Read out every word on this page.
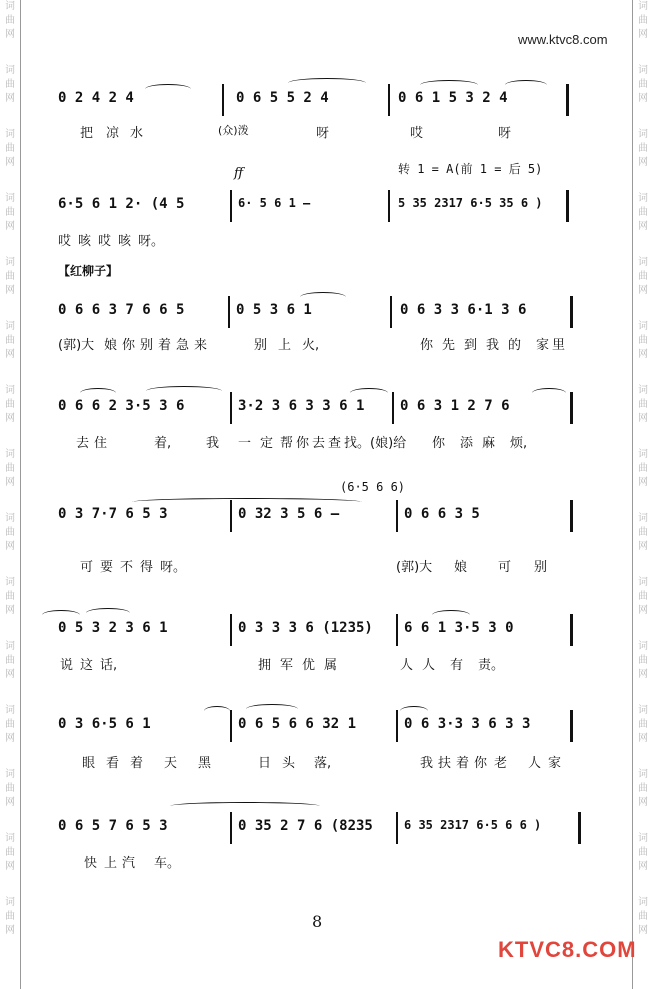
词
曲
网
词
曲
网
词
曲
网
词
曲
网
词
曲
网
词
曲
网
词
曲
网
词
曲
网
词
曲
网
词
曲
网
词
曲
网
词
曲
网
词
曲
网
词
曲
网
词
曲
网
词
曲
网
词
曲
网
词
曲
网
词
曲
网
词
曲
网
词
曲
网
词
曲
网
词
曲
网
词
曲
网
词
曲
网
词
曲
网
词
曲
网
词
曲
网
词
曲
网
词
曲
网
www.ktvc8.com
0 2 4 2 4	0 6 5 5 2 4	0 6 1 5 3 2 4
把 凉 水	(众)泼	呀	哎	呀
ff	转 1 = A(前 1 = 后 5)
6·5 6 1 2· (4 5	6· 5 6 1 –	5 35 2317 6·5 35 6 )
哎 咳 哎 咳 呀。
【红柳子】
0 6 6 3 7 6 6 5	0 5 3 6 1	0 6 3 3 6·1 3 6
(郭)大 娘 你 别 着 急 来	别 上 火,	你 先 到 我 的 家 里
0 6 6 2 3·5 3 6	3·2 3 6 3 3 6 1	0 6 3 1 2 7 6
去 住	着,	我 一 定 帮 你 去 查 找。 (娘)给 你 添 麻 烦,
(6·5 6 6)
0 3 7·7 6 5 3	0 32 3 5 6 –	0 6 6 3 5
可 要 不 得 呀。	(郭)大 娘 可 别
0 5 3 2 3 6 1	0 3 3 3 6 (1235) 6 6 1 3·5 3 0
说 这 话,	拥 军 优 属	人 人 有 责。
0 3 6·5 6 1	0 6 5 6 6 32 1	0 6 3·3 3 6 3 3
眼 看 着 天 黑	日 头 落,	我 扶 着 你 老 人 家
0 6 5 7 6 5 3	0 35 2 7 6 (8235	6 35 2317 6·5 6 6 )
快 上 汽 车。
8
KTVC8.COM
